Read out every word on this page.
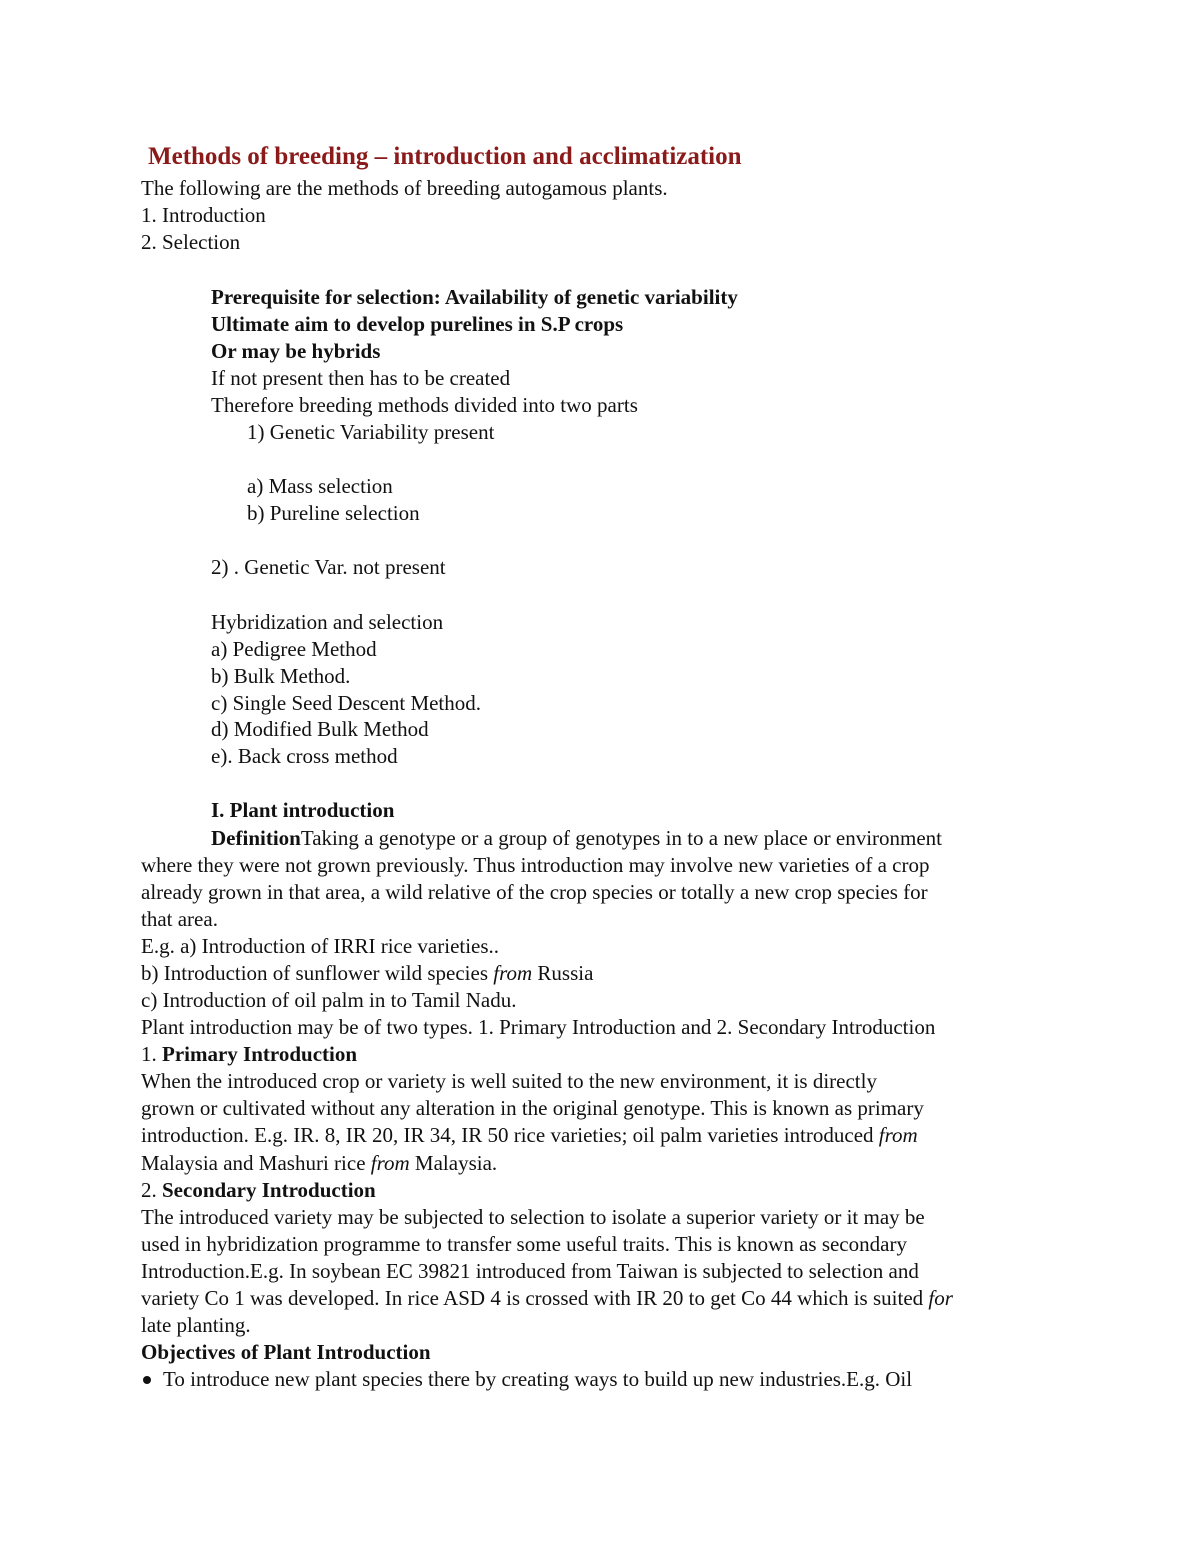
Methods of breeding – introduction and acclimatization

The following are the methods of breeding autogamous plants.

1. Introduction

2. Selection

Prerequisite for selection: Availability of genetic variability

Ultimate aim to develop purelines in S.P crops

Or may be hybrids

If not present then has to be created

Therefore breeding methods divided into two parts

1) Genetic Variability present

a) Mass selection

b) Pureline selection

2) . Genetic Var. not present

Hybridization and selection

a) Pedigree Method

b) Bulk Method.

c) Single Seed Descent Method.

d) Modified Bulk Method

e). Back cross method

I. Plant introduction

DefinitionTaking a genotype or a group of genotypes in to a new place or environment

where they were not grown previously. Thus introduction may involve new varieties of a crop

already grown in that area, a wild relative of the crop species or totally a new crop species for

that area.

E.g. a) Introduction of IRRI rice varieties..

b) Introduction of sunflower wild species from Russia

c) Introduction of oil palm in to Tamil Nadu.

Plant introduction may be of two types. 1. Primary Introduction and 2. Secondary Introduction

1. Primary Introduction

When the introduced crop or variety is well suited to the new environment, it is directly

grown or cultivated without any alteration in the original genotype. This is known as primary

introduction. E.g. IR. 8, IR 20, IR 34, IR 50 rice varieties; oil palm varieties introduced from

Malaysia and Mashuri rice from Malaysia.

2. Secondary Introduction

The introduced variety may be subjected to selection to isolate a superior variety or it may be

used in hybridization programme to transfer some useful traits. This is known as secondary

Introduction.E.g. In soybean EC 39821 introduced from Taiwan is subjected to selection and

variety Co 1 was developed. In rice ASD 4 is crossed with IR 20 to get Co 44 which is suited for

late planting.

Objectives of Plant Introduction

To introduce new plant species there by creating ways to build up new industries.E.g. Oil
